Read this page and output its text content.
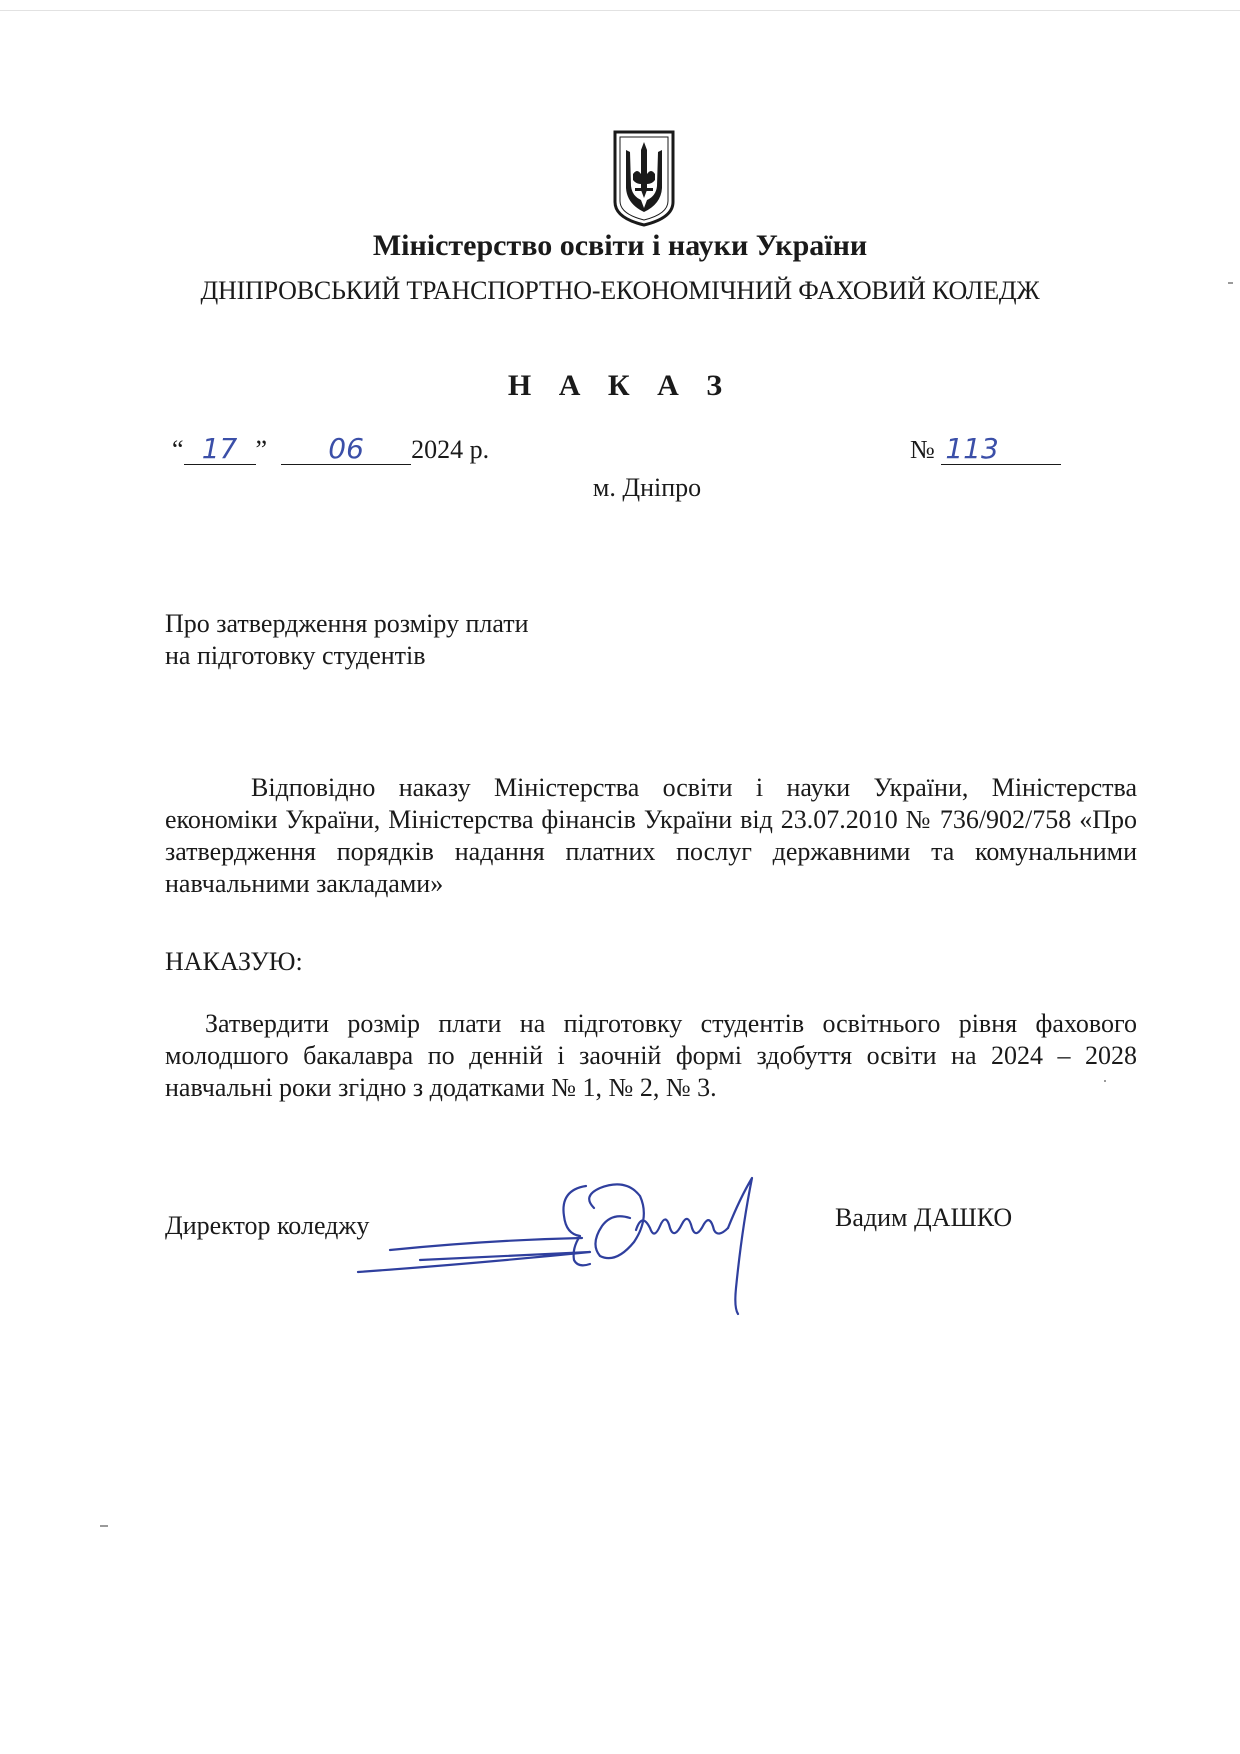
Міністерство освіти і науки України
ДНІПРОВСЬКИЙ ТРАНСПОРТНО-ЕКОНОМІЧНИЙ ФАХОВИЙ КОЛЕДЖ
Н А К А З
“ 17 ” 06 2024 р.	№ 113
м. Дніпро
Про затвердження розміру плати
на підготовку студентів
Відповідно наказу Міністерства освіти і науки України, Міністерства економіки України, Міністерства фінансів України від 23.07.2010 № 736/902/758 «Про затвердження порядків надання платних послуг державними та комунальними навчальними закладами»
НАКАЗУЮ:
Затвердити розмір плати на підготовку студентів освітнього рівня фахового молодшого бакалавра по денній і заочній формі здобуття освіти на 2024 – 2028 навчальні роки згідно з додатками № 1, № 2, № 3.
Директор коледжу	Вадим ДАШКО
